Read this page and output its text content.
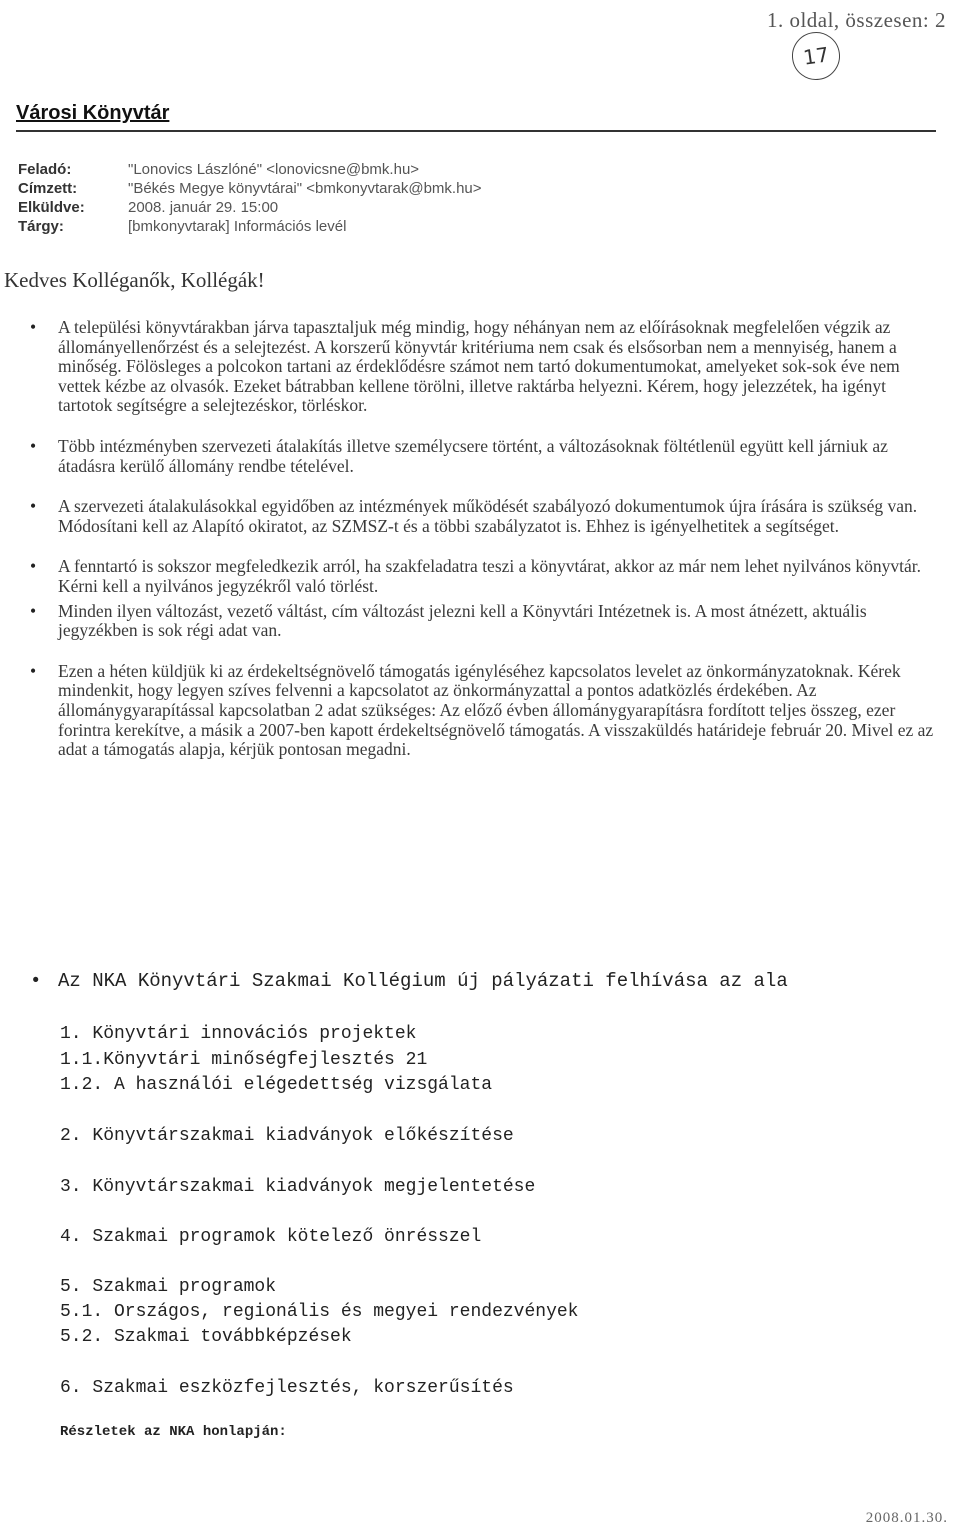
1. oldal, összesen: 2
17
Városi Könyvtár
Feladó:	"Lonovics Lászlóné" <lonovicsne@bmk.hu>
Címzett:	"Békés Megye könyvtárai" <bmkonyvtarak@bmk.hu>
Elküldve:	2008. január 29. 15:00
Tárgy:	[bmkonyvtarak] Információs levél
Kedves Kolléganők, Kollégák!
• A települési könyvtárakban járva tapasztaljuk még mindig, hogy néhányan nem az előírásoknak megfelelően végzik az állományellenőrzést és a selejtezést. A korszerű könyvtár kritériuma nem csak és elsősorban nem a mennyiség, hanem a minőség. Fölösleges a polcokon tartani az érdeklődésre számot nem tartó dokumentumokat, amelyeket sok-sok éve nem vettek kézbe az olvasók. Ezeket bátrabban kellene törölni, illetve raktárba helyezni. Kérem, hogy jelezzétek, ha igényt tartotok segítségre a selejtezéskor, törléskor.
• Több intézményben szervezeti átalakítás illetve személycsere történt, a változásoknak föltétlenül együtt kell járniuk az átadásra kerülő állomány rendbe tételével.
• A szervezeti átalakulásokkal egyidőben az intézmények működését szabályozó dokumentumok újra írására is szükség van. Módosítani kell az Alapító okiratot, az SZMSZ-t és a többi szabályzatot is. Ehhez is igényelhetitek a segítséget.
• A fenntartó is sokszor megfeledkezik arról, ha szakfeladatra teszi a könyvtárat, akkor az már nem lehet nyilvános könyvtár. Kérni kell a nyilvános jegyzékről való törlést.
• Minden ilyen változást, vezető váltást, cím változást jelezni kell a Könyvtári Intézetnek is. A most átnézett, aktuális jegyzékben is sok régi adat van.
• Ezen a héten küldjük ki az érdekeltségnövelő támogatás igényléséhez kapcsolatos levelet az önkormányzatoknak. Kérek mindenkit, hogy legyen szíves felvenni a kapcsolatot az önkormányzattal a pontos adatközlés érdekében. Az állománygyarapítással kapcsolatban 2 adat szükséges: Az előző évben állománygyarapításra fordított teljes összeg, ezer forintra kerekítve, a másik a 2007-ben kapott érdekeltségnövelő támogatás. A visszaküldés határideje február 20. Mivel ez az adat a támogatás alapja, kérjük pontosan megadni.
• Az NKA Könyvtári Szakmai Kollégium új pályázati felhívása az ala
1. Könyvtári innovációs projektek
1.1.Könyvtári minőségfejlesztés 21
1.2. A használói elégedettség vizsgálata
2. Könyvtárszakmai kiadványok előkészítése
3. Könyvtárszakmai kiadványok megjelentetése
4. Szakmai programok kötelező önrésszel
5. Szakmai programok
5.1. Országos, regionális és megyei rendezvények
5.2. Szakmai továbbképzések
6. Szakmai eszközfejlesztés, korszerűsítés
Részletek az NKA honlapján:
2008.01.30.
